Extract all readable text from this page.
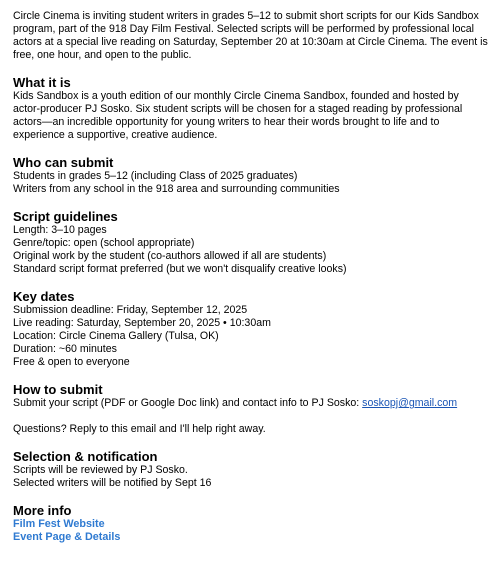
Circle Cinema is inviting student writers in grades 5–12 to submit short scripts for our Kids Sandbox program, part of the 918 Day Film Festival. Selected scripts will be performed by professional local actors at a special live reading on Saturday, September 20 at 10:30am at Circle Cinema. The event is free, one hour, and open to the public.

What it is

Kids Sandbox is a youth edition of our monthly Circle Cinema Sandbox, founded and hosted by actor-producer PJ Sosko. Six student scripts will be chosen for a staged reading by professional actors—an incredible opportunity for young writers to hear their words brought to life and to experience a supportive, creative audience.

Who can submit
Students in grades 5–12 (including Class of 2025 graduates)
Writers from any school in the 918 area and surrounding communities
Script guidelines
Length: 3–10 pages
Genre/topic: open (school appropriate)
Original work by the student (co-authors allowed if all are students)
Standard script format preferred (but we won't disqualify creative looks)
Key dates
Submission deadline: Friday, September 12, 2025
Live reading: Saturday, September 20, 2025 • 10:30am
Location: Circle Cinema Gallery (Tulsa, OK)
Duration: ~60 minutes
Free & open to everyone
How to submit
Submit your script (PDF or Google Doc link) and contact info to PJ Sosko: soskopj@gmail.com
Questions? Reply to this email and I'll help right away.
Selection & notification
Scripts will be reviewed by PJ Sosko.
Selected writers will be notified by Sept 16
More info
Film Fest Website
Event Page & Details
